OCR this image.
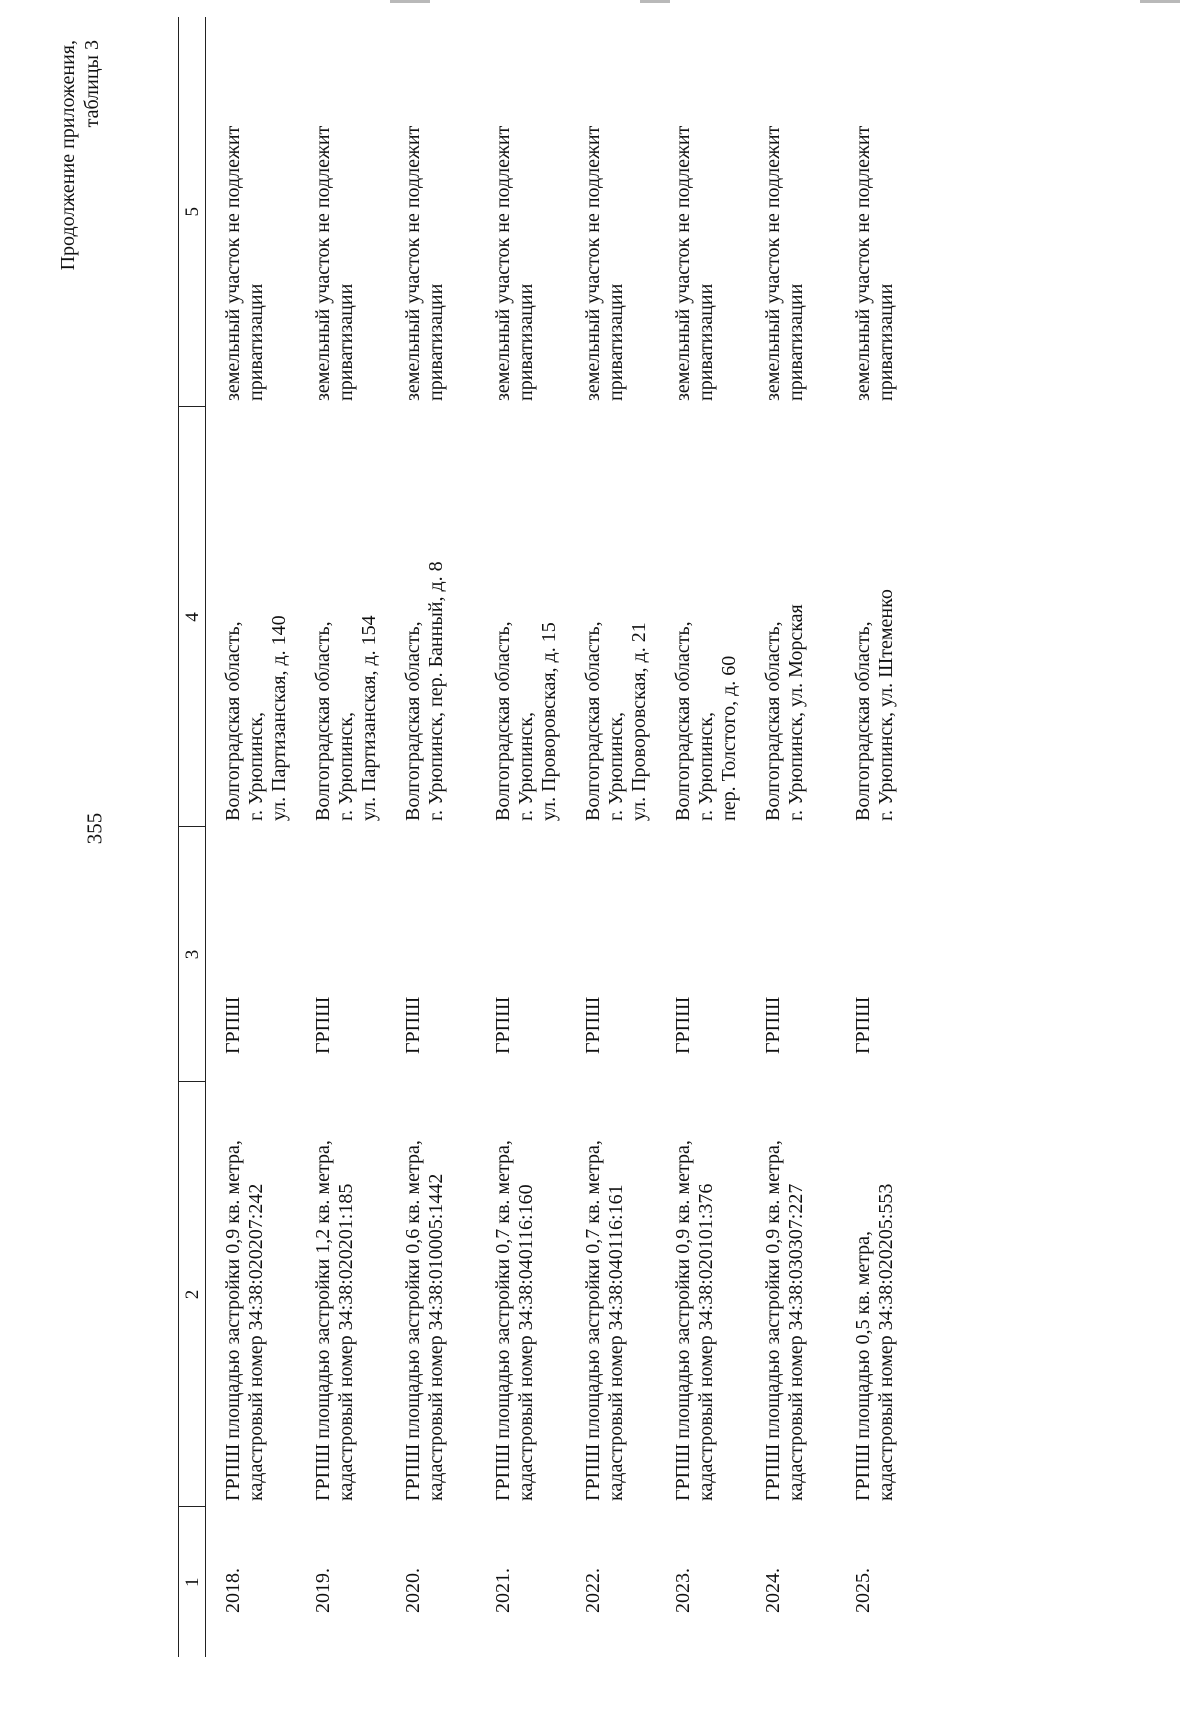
355
Продолжение приложения, таблицы 3
1	2	3	4	5

2018.	ГРПШ площадью застройки 0,9 кв. метра, кадастровый номер 34:38:020207:242	ГРПШ	Волгоградская область, г. Урюпинск, ул. Партизанская, д. 140	земельный участок не подлежит приватизации

2019.	ГРПШ площадью застройки 1,2 кв. метра, кадастровый номер 34:38:020201:185	ГРПШ	Волгоградская область, г. Урюпинск, ул. Партизанская, д. 154	земельный участок не подлежит приватизации

2020.	ГРПШ площадью застройки 0,6 кв. метра, кадастровый номер 34:38:010005:1442	ГРПШ	Волгоградская область, г. Урюпинск, пер. Банный, д. 8	земельный участок не подлежит приватизации

2021.	ГРПШ площадью застройки 0,7 кв. метра, кадастровый номер 34:38:040116:160	ГРПШ	Волгоградская область, г. Урюпинск, ул. Проворовская, д. 15	земельный участок не подлежит приватизации

2022.	ГРПШ площадью застройки 0,7 кв. метра, кадастровый номер 34:38:040116:161	ГРПШ	Волгоградская область, г. Урюпинск, ул. Проворовская, д. 21	земельный участок не подлежит приватизации

2023.	ГРПШ площадью застройки 0,9 кв. метра, кадастровый номер 34:38:020101:376	ГРПШ	Волгоградская область, г. Урюпинск, пер. Толстого, д. 60	земельный участок не подлежит приватизации

2024.	ГРПШ площадью застройки 0,9 кв. метра, кадастровый номер 34:38:030307:227	ГРПШ	Волгоградская область, г. Урюпинск, ул. Морская	земельный участок не подлежит приватизации

2025.	ГРПШ площадью 0,5 кв. метра, кадастровый номер 34:38:020205:553	ГРПШ	Волгоградская область, г. Урюпинск, ул. Штеменко	земельный участок не подлежит приватизации
